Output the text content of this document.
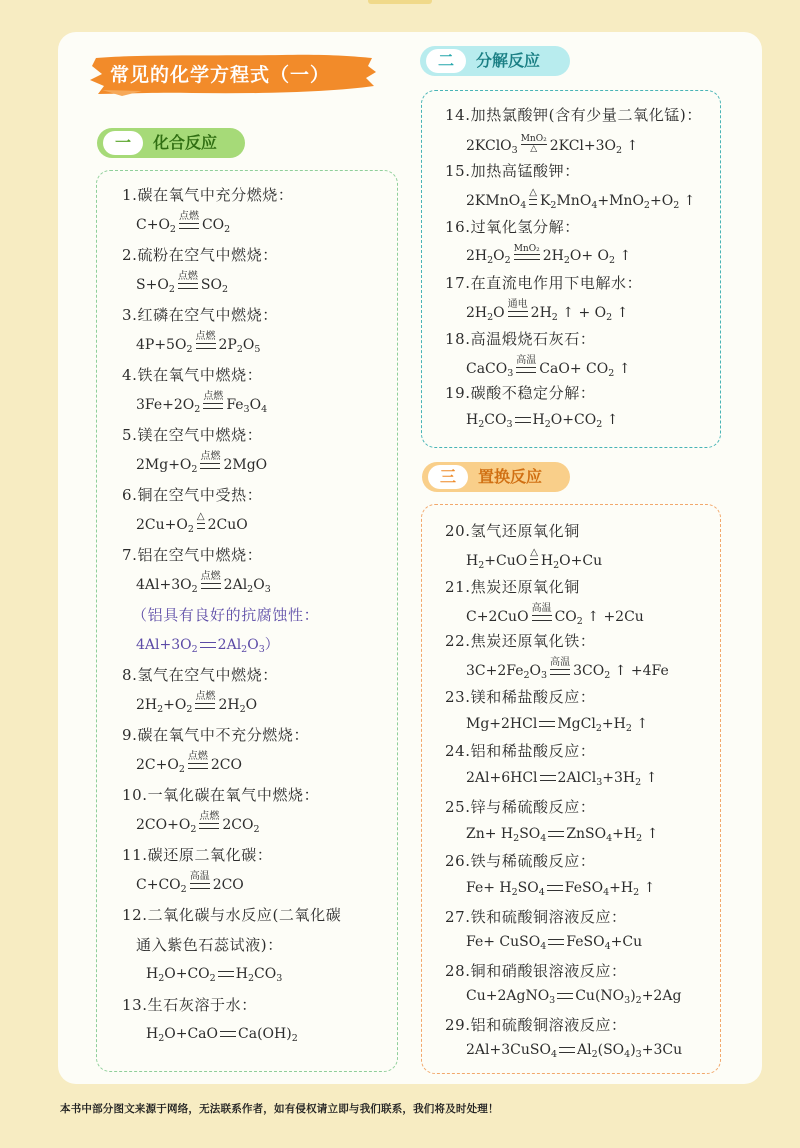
常见的化学方程式（一）
一	化合反应
二	分解反应
三	置换反应
1.碳在氧气中充分燃烧：
$C+O_2$
点燃
$CO_2$
2.硫粉在空气中燃烧：
$S+O_2$
点燃
$SO_2$
3.红磷在空气中燃烧：
$4P+5O_2$
点燃
$2P_2O_5$
4.铁在氧气中燃烧：
$3Fe+2O_2$
点燃
$Fe_3O_4$
5.镁在空气中燃烧：
$2Mg+O_2$
点燃
2MgO
6.铜在空气中受热：
$2Cu+O_2$
△
2CuO
7.铝在空气中燃烧：
$4Al+3O_2$
点燃
$2Al_2O_3$
（铝具有良好的抗腐蚀性：
$4Al+3O_2$ $2Al_2O_3$）
8.氢气在空气中燃烧：
$2H_2+O_2$
点燃
$2H_2O$
9.碳在氧气中不充分燃烧：
$2C+O_2$
点燃
2CO
10.一氧化碳在氧气中燃烧：
$2CO+O_2$
点燃
$2CO_2$
11.碳还原二氧化碳：
$C+CO_2$
高温
2CO
12.二氧化碳与水反应(二氧化碳
通入紫色石蕊试液)：
$H_2O+CO_2$ $H_2CO_3$
13.生石灰溶于水：
$H_2O+CaO$ $Ca(OH)_2$
14.加热氯酸钾(含有少量二氧化锰)：
2KClO$_3$
MnO₂
△ $2KCl+3O_2$ ↑
15.加热高锰酸钾：
2KMnO$_4$
△
$K_2MnO_4+MnO_2+O_2$ ↑
16.过氧化氢分解：
$2H_2O_2$
MnO₂ $2H_2O+ O_2$ ↑
17.在直流电作用下电解水：
$2H_2O$
通电
$2H_2$ ↑ + $O_2$ ↑
18.高温煅烧石灰石：
CaCO$_3$
高温
$CaO+ CO_2$ ↑
19.碳酸不稳定分解：
$H_2CO_3$ $H_2O+CO_2$ ↑
20.氢气还原氧化铜
$H_2+CuO$
△
$H_2O+Cu$
21.焦炭还原氧化铜
C+2CuO
高温
$CO_2$ ↑ +2Cu
22.焦炭还原氧化铁：
$3C+2Fe_2O_3$
高温
$3CO_2$ ↑ +4Fe
23.镁和稀盐酸反应：
Mg+2HCl $MgCl_2+H_2$ ↑
24.铝和稀盐酸反应：
2Al+6HCl $2AlCl_3+3H_2$ ↑
25.锌与稀硫酸反应：
$Zn+ H_2SO_4$ $ZnSO_4+H_2$ ↑
26.铁与稀硫酸反应：
$Fe+ H_2SO_4$ $FeSO_4+H_2$ ↑
27.铁和硫酸铜溶液反应：
Fe+ CuSO$_4$ FeSO$_4$+Cu
28.铜和硝酸银溶液反应：
Cu+2AgNO$_3$ $Cu(NO_3)_2+2Ag$
29.铝和硫酸铜溶液反应：
2Al+3CuSO$_4$ $Al_2(SO_4)_3+3Cu$
本书中部分图文来源于网络，无法联系作者，如有侵权请立即与我们联系，我们将及时处理！
